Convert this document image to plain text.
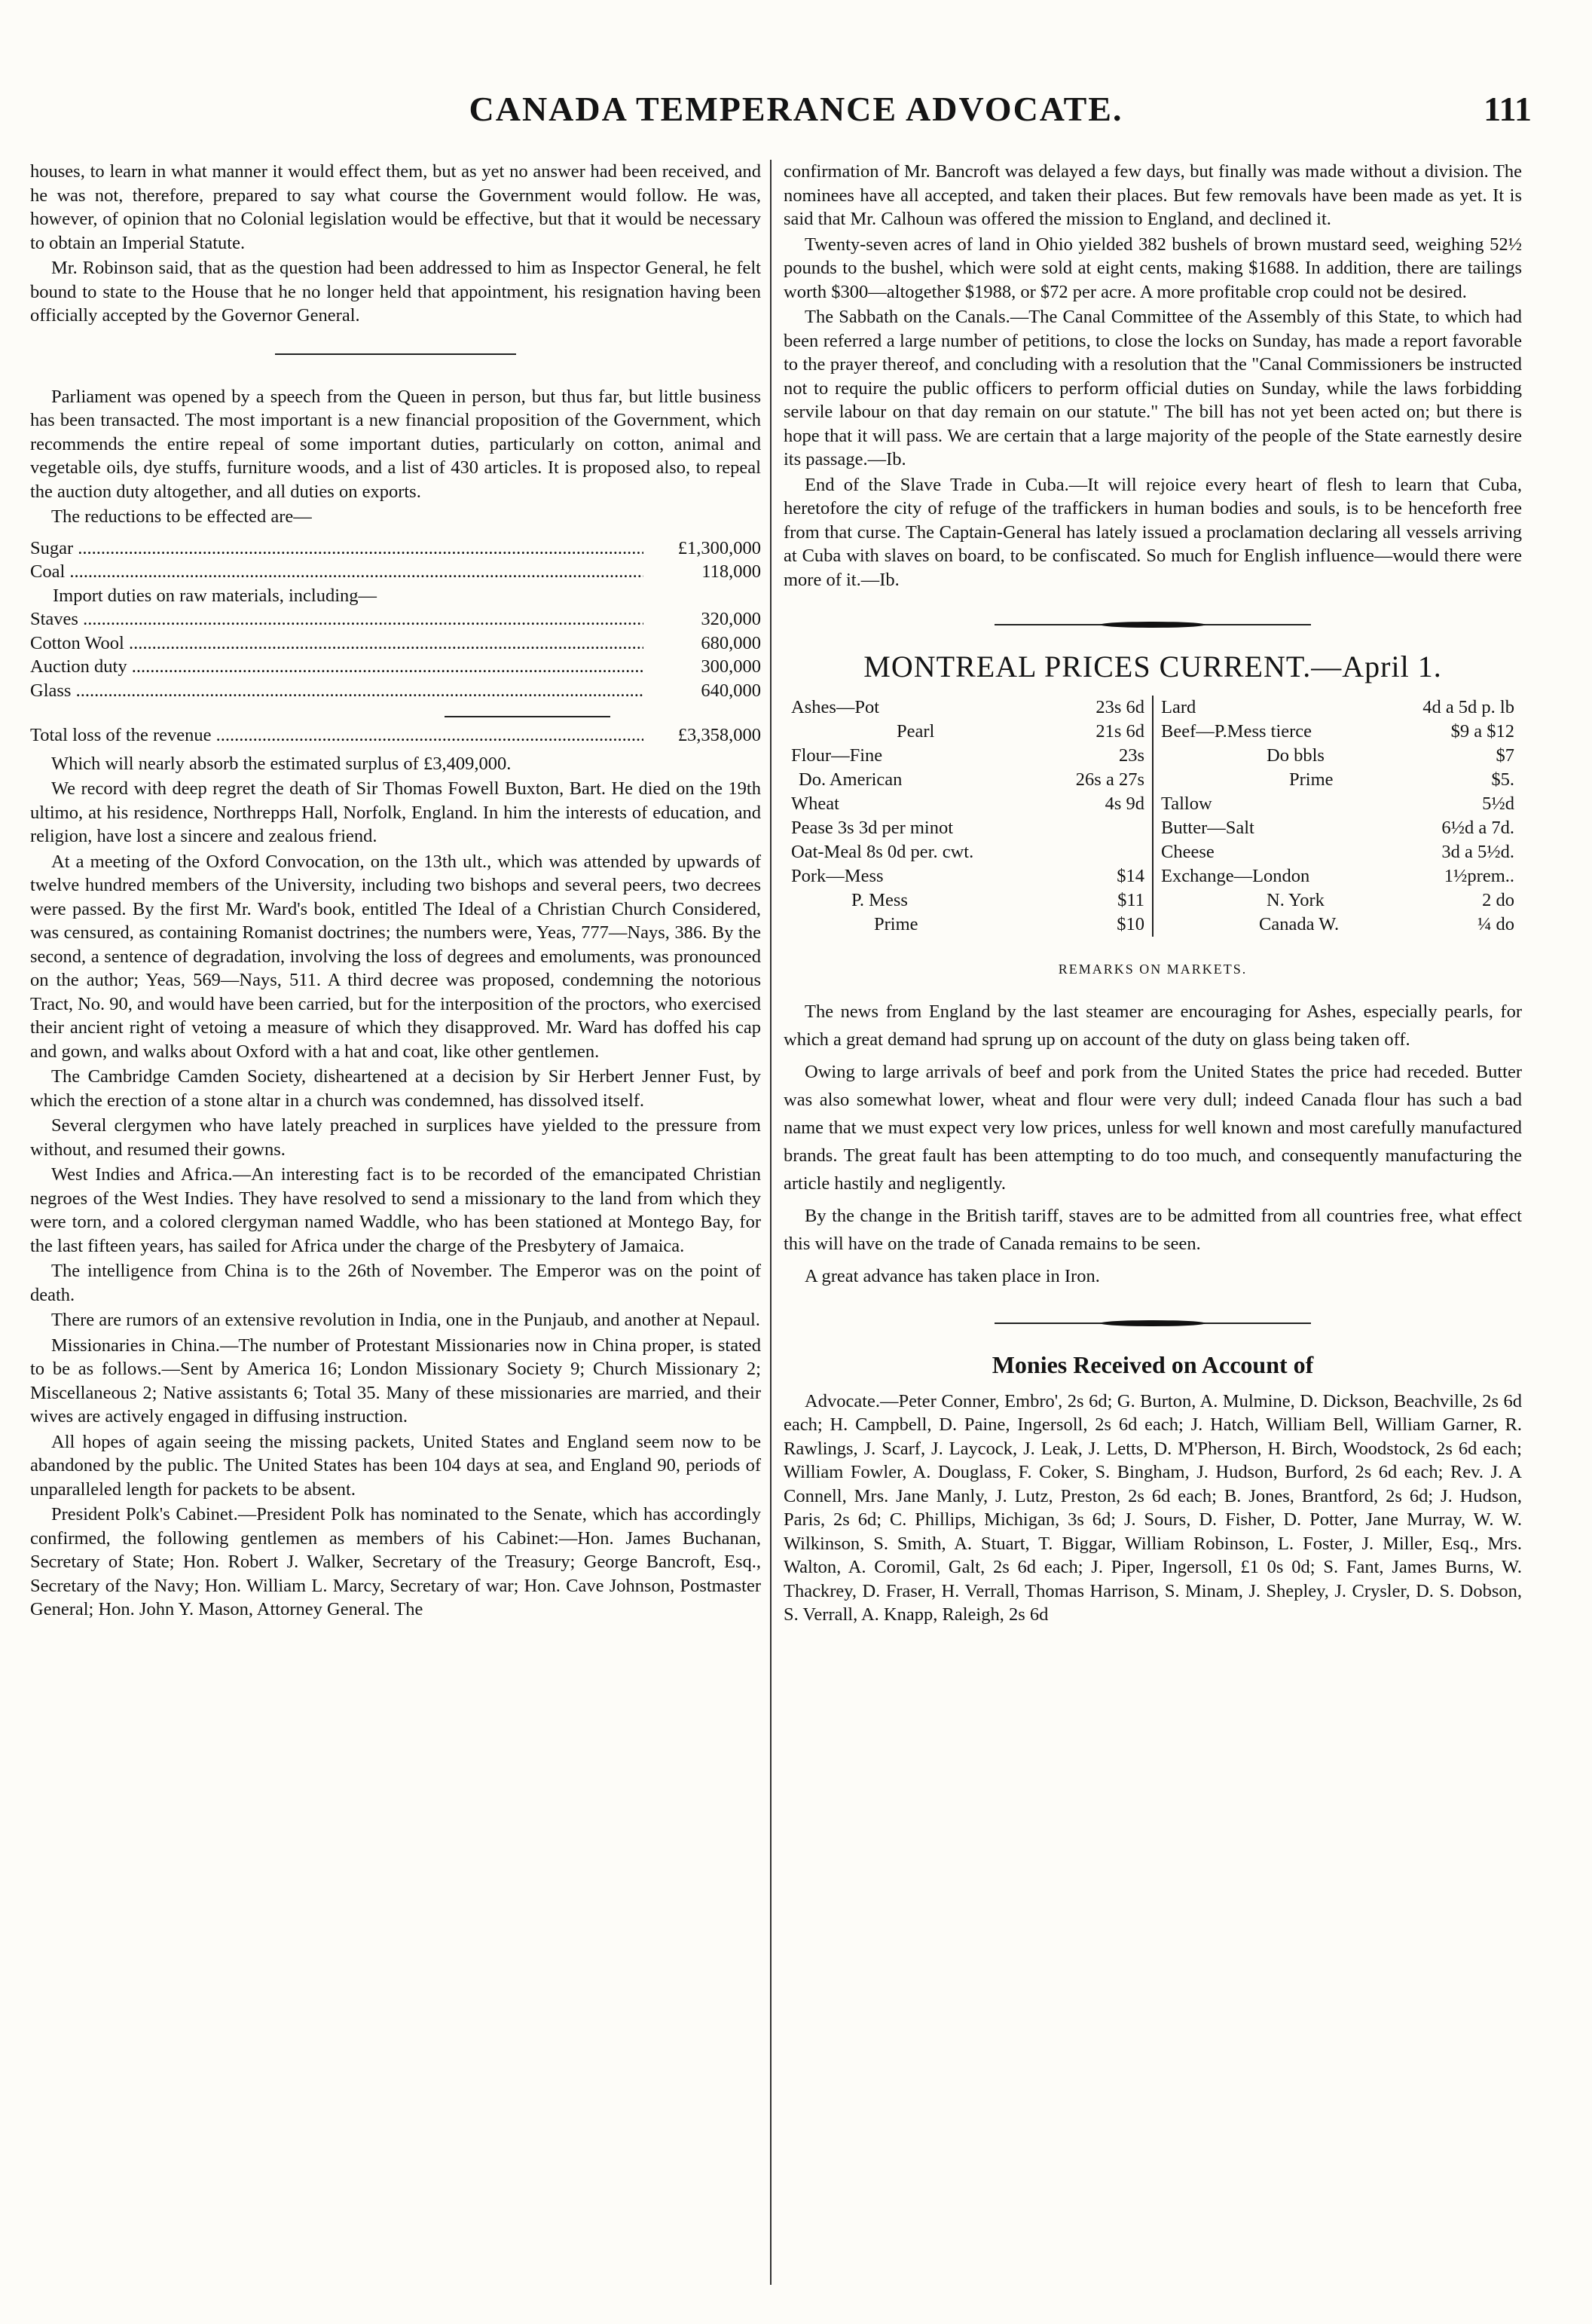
CANADA TEMPERANCE ADVOCATE.	111

houses, to learn in what manner it would effect them, but as yet no answer had been received, and he was not, therefore, prepared to say what course the Government would follow. He was, however, of opinion that no Colonial legislation would be effective, but that it would be necessary to obtain an Imperial Statute.

Mr. Robinson said, that as the question had been addressed to him as Inspector General, he felt bound to state to the House that he no longer held that appointment, his resignation having been officially accepted by the Governor General.

Parliament was opened by a speech from the Queen in person, but thus far, but little business has been transacted. The most important is a new financial proposition of the Government, which recommends the entire repeal of some important duties, particularly on cotton, animal and vegetable oils, dye stuffs, furniture woods, and a list of 430 articles. It is proposed also, to repeal the auction duty altogether, and all duties on exports.

The reductions to be effected are—

Sugar .....	£1,300,000
Coal .....	118,000
Import duties on raw materials, including—
Staves .....	320,000
Cotton Wool .....	680,000
Auction duty .....	300,000
Glass .....	640,000
Total loss of the revenue .....	£3,358,000

Which will nearly absorb the estimated surplus of £3,409,000.

We record with deep regret the death of Sir Thomas Fowell Buxton, Bart. He died on the 19th ultimo, at his residence, Northrepps Hall, Norfolk, England. In him the interests of education, and religion, have lost a sincere and zealous friend.

At a meeting of the Oxford Convocation, on the 13th ult., which was attended by upwards of twelve hundred members of the University, including two bishops and several peers, two decrees were passed. By the first Mr. Ward's book, entitled The Ideal of a Christian Church Considered, was censured, as containing Romanist doctrines; the numbers were, Yeas, 777—Nays, 386. By the second, a sentence of degradation, involving the loss of degrees and emoluments, was pronounced on the author; Yeas, 569—Nays, 511. A third decree was proposed, condemning the notorious Tract, No. 90, and would have been carried, but for the interposition of the proctors, who exercised their ancient right of vetoing a measure of which they disapproved. Mr. Ward has doffed his cap and gown, and walks about Oxford with a hat and coat, like other gentlemen.

The Cambridge Camden Society, disheartened at a decision by Sir Herbert Jenner Fust, by which the erection of a stone altar in a church was condemned, has dissolved itself.

Several clergymen who have lately preached in surplices have yielded to the pressure from without, and resumed their gowns.

West Indies and Africa.—An interesting fact is to be recorded of the emancipated Christian negroes of the West Indies. They have resolved to send a missionary to the land from which they were torn, and a colored clergyman named Waddle, who has been stationed at Montego Bay, for the last fifteen years, has sailed for Africa under the charge of the Presbytery of Jamaica.

The intelligence from China is to the 26th of November. The Emperor was on the point of death.

There are rumors of an extensive revolution in India, one in the Punjaub, and another at Nepaul.

Missionaries in China.—The number of Protestant Missionaries now in China proper, is stated to be as follows.—Sent by America 16; London Missionary Society 9; Church Missionary 2; Miscellaneous 2; Native assistants 6; Total 35. Many of these missionaries are married, and their wives are actively engaged in diffusing instruction.

All hopes of again seeing the missing packets, United States and England seem now to be abandoned by the public. The United States has been 104 days at sea, and England 90, periods of unparalleled length for packets to be absent.

President Polk's Cabinet.—President Polk has nominated to the Senate, which has accordingly confirmed, the following gentlemen as members of his Cabinet:—Hon. James Buchanan, Secretary of State; Hon. Robert J. Walker, Secretary of the Treasury; George Bancroft, Esq., Secretary of the Navy; Hon. William L. Marcy, Secretary of war; Hon. Cave Johnson, Postmaster General; Hon. John Y. Mason, Attorney General. The

confirmation of Mr. Bancroft was delayed a few days, but finally was made without a division. The nominees have all accepted, and taken their places. But few removals have been made as yet. It is said that Mr. Calhoun was offered the mission to England, and declined it.

Twenty-seven acres of land in Ohio yielded 382 bushels of brown mustard seed, weighing 52½ pounds to the bushel, which were sold at eight cents, making $1688. In addition, there are tailings worth $300—altogether $1988, or $72 per acre. A more profitable crop could not be desired.

The Sabbath on the Canals.—The Canal Committee of the Assembly of this State, to which had been referred a large number of petitions, to close the locks on Sunday, has made a report favorable to the prayer thereof, and concluding with a resolution that the "Canal Commissioners be instructed not to require the public officers to perform official duties on Sunday, while the laws forbidding servile labour on that day remain on our statute." The bill has not yet been acted on; but there is hope that it will pass. We are certain that a large majority of the people of the State earnestly desire its passage.—Ib.

End of the Slave Trade in Cuba.—It will rejoice every heart of flesh to learn that Cuba, heretofore the city of refuge of the traffickers in human bodies and souls, is to be henceforth free from that curse. The Captain-General has lately issued a proclamation declaring all vessels arriving at Cuba with slaves on board, to be confiscated. So much for English influence—would there were more of it.—Ib.

MONTREAL PRICES CURRENT.—April 1.
Ashes—Pot	23s 6d
Pearl	21s 6d
Flour—Fine	23s
Do. American	26s a 27s
Wheat	4s 9d
Pease 3s 3d per minot
Oat-Meal 8s 0d per. cwt.
Pork—Mess	$14
P. Mess	$11
Prime	$10
Lard	4d a 5d p. lb
Beef—P.Mess tierce	$9 a $12
Do bbls	$7
Prime	$5.
Tallow	5½d
Butter—Salt	6½d a 7d.
Cheese	3d a 5½d.
Exchange—London	1½prem..
N. York	2 do
Canada W.	¼ do
REMARKS ON MARKETS.

The news from England by the last steamer are encouraging for Ashes, especially pearls, for which a great demand had sprung up on account of the duty on glass being taken off.

Owing to large arrivals of beef and pork from the United States the price had receded. Butter was also somewhat lower, wheat and flour were very dull; indeed Canada flour has such a bad name that we must expect very low prices, unless for well known and most carefully manufactured brands. The great fault has been attempting to do too much, and consequently manufacturing the article hastily and negligently.

By the change in the British tariff, staves are to be admitted from all countries free, what effect this will have on the trade of Canada remains to be seen.

A great advance has taken place in Iron.

Monies Received on Account of

Advocate.—Peter Conner, Embro', 2s 6d; G. Burton, A. Mulmine, D. Dickson, Beachville, 2s 6d each; H. Campbell, D. Paine, Ingersoll, 2s 6d each; J. Hatch, William Bell, William Garner, R. Rawlings, J. Scarf, J. Laycock, J. Leak, J. Letts, D. M'Pherson, H. Birch, Woodstock, 2s 6d each; William Fowler, A. Douglass, F. Coker, S. Bingham, J. Hudson, Burford, 2s 6d each; Rev. J. A Connell, Mrs. Jane Manly, J. Lutz, Preston, 2s 6d each; B. Jones, Brantford, 2s 6d; J. Hudson, Paris, 2s 6d; C. Phillips, Michigan, 3s 6d; J. Sours, D. Fisher, D. Potter, Jane Murray, W. W. Wilkinson, S. Smith, A. Stuart, T. Biggar, William Robinson, L. Foster, J. Miller, Esq., Mrs. Walton, A. Coromil, Galt, 2s 6d each; J. Piper, Ingersoll, £1 0s 0d; S. Fant, James Burns, W. Thackrey, D. Fraser, H. Verrall, Thomas Harrison, S. Minam, J. Shepley, J. Crysler, D. S. Dobson, S. Verrall, A. Knapp, Raleigh, 2s 6d
